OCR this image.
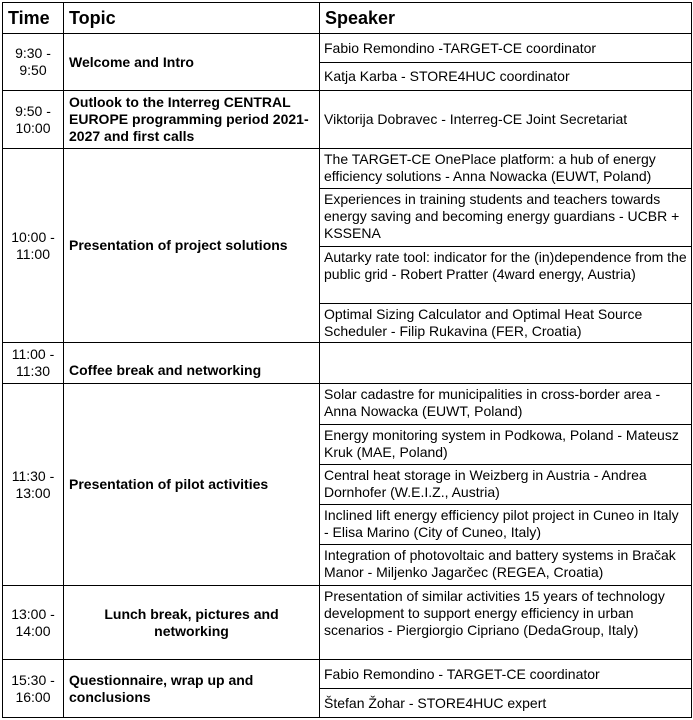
Time	Topic	Speaker

9:30 -
9:50	Welcome and Intro	Fabio Remondino -TARGET-CE coordinator
		Katja Karba - STORE4HUC coordinator

9:50 -
10:00	Outlook to the Interreg CENTRAL EUROPE programming period 2021-2027 and first calls	Viktorija Dobravec - Interreg-CE Joint Secretariat

10:00 -
11:00	Presentation of project solutions	The TARGET-CE OnePlace platform: a hub of energy efficiency solutions - Anna Nowacka (EUWT, Poland)
		Experiences in training students and teachers towards energy saving and becoming energy guardians - UCBR + KSSENA
		Autarky rate tool: indicator for the (in)dependence from the public grid - Robert Pratter (4ward energy, Austria)
		Optimal Sizing Calculator and Optimal Heat Source Scheduler - Filip Rukavina (FER, Croatia)

11:00 -
11:30	Coffee break and networking	

11:30 -
13:00	Presentation of pilot activities	Solar cadastre for municipalities in cross-border area - Anna Nowacka (EUWT, Poland)
		Energy monitoring system in Podkowa, Poland - Mateusz Kruk (MAE, Poland)
		Central heat storage in Weizberg in Austria - Andrea Dornhofer (W.E.I.Z., Austria)
		Inclined lift energy efficiency pilot project in Cuneo in Italy - Elisa Marino (City of Cuneo, Italy)
		Integration of photovoltaic and battery systems in Bračak Manor - Miljenko Jagarčec (REGEA, Croatia)

13:00 -
14:00	Lunch break, pictures and networking	Presentation of similar activities 15 years of technology development to support energy efficiency in urban scenarios - Piergiorgio Cipriano (DedaGroup, Italy)

15:30 -
16:00	Questionnaire, wrap up and conclusions	Fabio Remondino - TARGET-CE coordinator
		Štefan Žohar - STORE4HUC expert
